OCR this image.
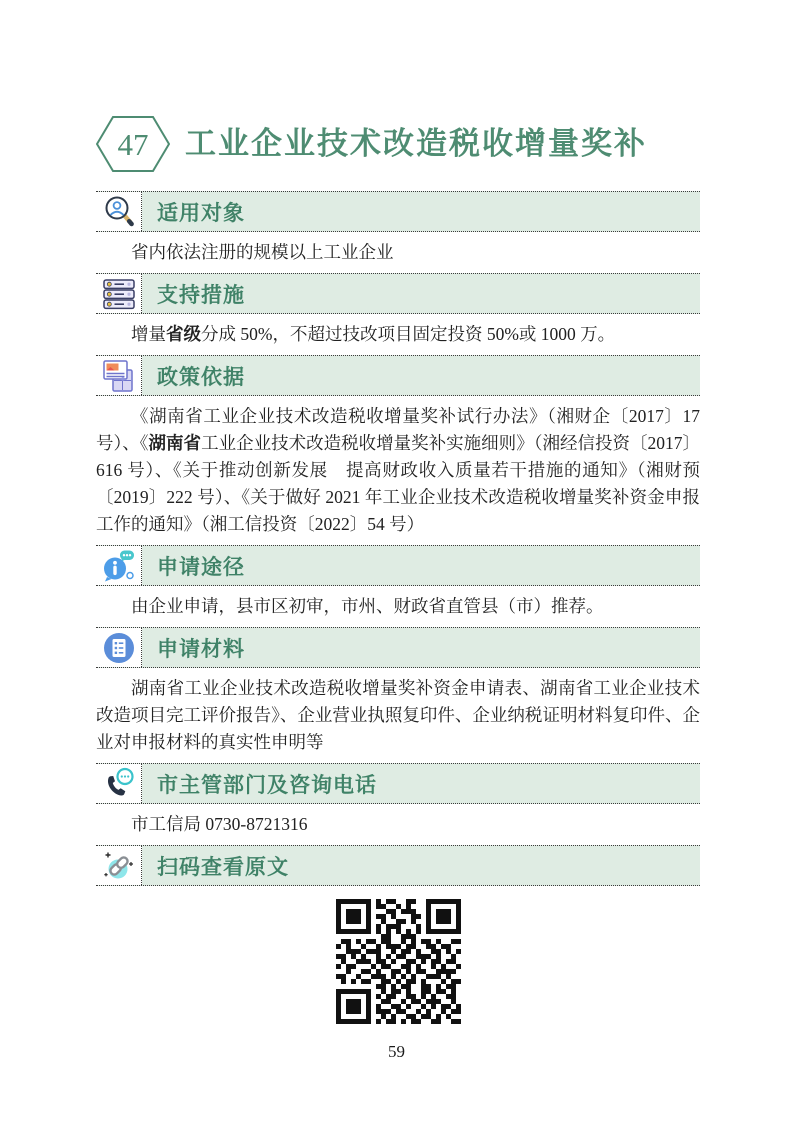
47 工业企业技术改造税收增量奖补
适用对象

省内依法注册的规模以上工业企业

支持措施

增量省级分成 50%，不超过技改项目固定投资 50%或 1000 万。

政策依据

《湖南省工业企业技术改造税收增量奖补试行办法》（湘财企〔2017〕17 号）、《湖南省工业企业技术改造税收增量奖补实施细则》（湘经信投资〔2017〕616 号）、《关于推动创新发展　提高财政收入质量若干措施的通知》（湘财预〔2019〕222 号）、《关于做好 2021 年工业企业技术改造税收增量奖补资金申报工作的通知》（湘工信投资〔2022〕54 号）

申请途径

由企业申请，县市区初审，市州、财政省直管县（市）推荐。

申请材料

湖南省工业企业技术改造税收增量奖补资金申请表、湖南省工业企业技术改造项目完工评价报告》、企业营业执照复印件、企业纳税证明材料复印件、企业对申报材料的真实性申明等

市主管部门及咨询电话

市工信局 0730-8721316

扫码查看原文
59
